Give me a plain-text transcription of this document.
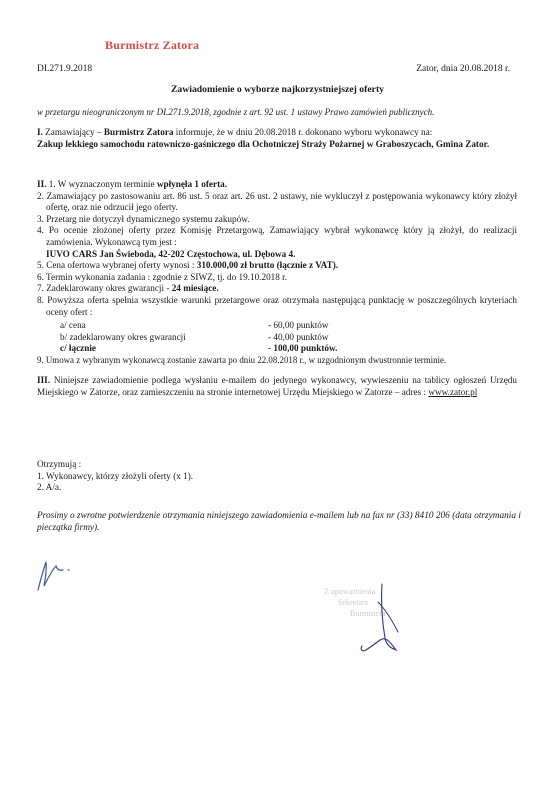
Burmistrz Zatora
DI.271.9.2018	Zator, dnia 20.08.2018 r.
Zawiadomienie o wyborze najkorzystniejszej oferty
w przetargu nieograniczonym nr DI.271.9.2018, zgodnie z art. 92 ust. 1 ustawy Prawo zamówień publicznych.

I. Zamawiający – Burmistrz Zatora informuje, że w dniu 20.08.2018 r. dokonano wyboru wykonawcy na:

Zakup lekkiego samochodu ratowniczo-gaśniczego dla Ochotniczej Straży Pożarnej w Graboszycach, Gmina Zator.

II. 1. W wyznaczonym terminie wpłynęła 1 oferta.

2. Zamawiający po zastosowaniu art. 86 ust. 5 oraz art. 26 ust. 2 ustawy, nie wykluczył z postępowania wykonawcy który złożył ofertę, oraz nie odrzucił jego oferty.

3. Przetarg nie dotyczył dynamicznego systemu zakupów.

4. Po ocenie złożonej oferty przez Komisję Przetargową, Zamawiający wybrał wykonawcę który ją złożył, do realizacji zamówienia. Wykonawcą tym jest :

IUVO CARS Jan Świeboda, 42-202 Częstochowa, ul. Dębowa 4.

5. Cena ofertowa wybranej oferty wynosi : 310.000,00 zł brutto (łącznie z VAT).

6. Termin wykonania zadania : zgodnie z SIWZ, tj. do 19.10.2018 r.

7. Zadeklarowany okres gwarancji - 24 miesiące.

8. Powyższa oferta spełnia wszystkie warunki przetargowe oraz otrzymała następującą punktację w poszczególnych kryteriach oceny ofert :

a/ cena	- 60,00 punktów
b/ zadeklarowany okres gwarancji	- 40,00 punktów
c/ łącznie	- 100,00 punktów.

9. Umowa z wybranym wykonawcą zostanie zawarta po dniu 22.08.2018 r., w uzgodnionym dwustronnie terminie.

III. Niniejsze zawiadomienie podlega wysłaniu e-mailem do jedynego wykonawcy, wywieszeniu na tablicy ogłoszeń Urzędu Miejskiego w Zatorze, oraz zamieszczeniu na stronie internetowej Urzędu Miejskiego w Zatorze – adres : www.zator.pl

Otrzymują :

1. Wykonawcy, którzy złożyli oferty (x 1).

2. A/a.

Prosimy o zwrotne potwierdzenie otrzymania niniejszego zawiadomienia e-mailem lub na fax nr (33) 8410 206 (data otrzymania i pieczątka firmy).
Z upoważnienia
Sekretarz
Burmistrza
